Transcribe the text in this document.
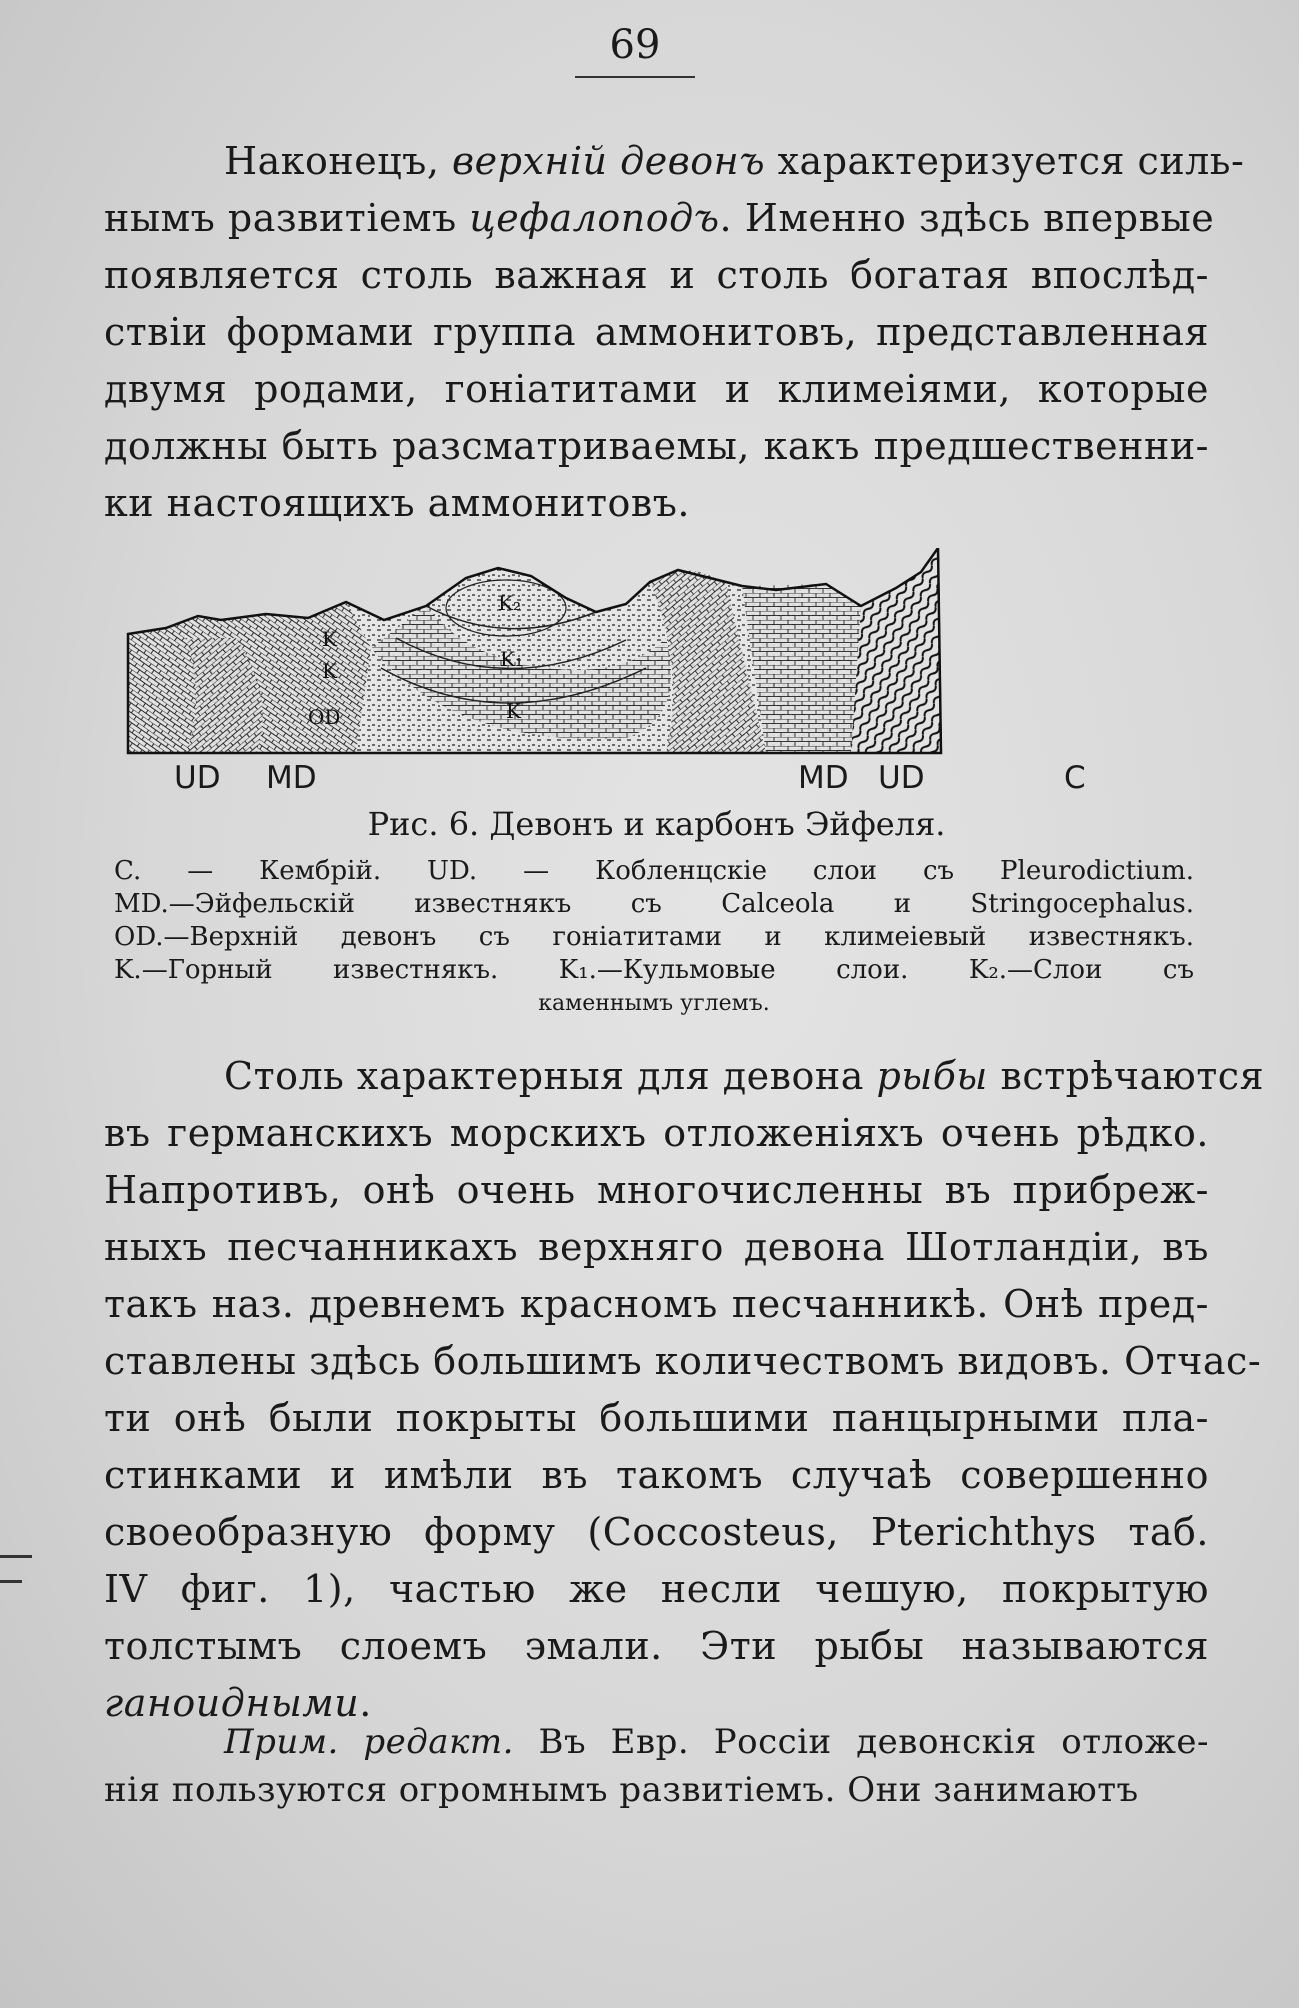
69
Наконецъ, верхній девонъ характеризуется силь-
нымъ развитіемъ цефалоподъ. Именно здѣсь впервые
появляется столь важная и столь богатая впослѣд-
ствіи формами группа аммонитовъ, представленная
двумя родами, гоніатитами и климеіями, которые
должны быть разсматриваемы, какъ предшественни-
ки настоящихъ аммонитовъ.
K₂
K₁
K
K
K
OD
UD MD	MD UD	C
Рис. 6. Девонъ и карбонъ Эйфеля.
C. — Кембрій. UD. — Кобленцскіе слои съ Pleurodictium.
MD.—Эйфельскій известнякъ съ Calceola и Stringocephalus.
OD.—Верхній девонъ съ гоніатитами и климеіевый известнякъ.
K.—Горный известнякъ. K₁.—Кульмовые слои. K₂.—Слои съ
каменнымъ углемъ.
Столь характерныя для девона рыбы встрѣчаются
въ германскихъ морскихъ отложеніяхъ очень рѣдко.
Напротивъ, онѣ очень многочисленны въ прибреж-
ныхъ песчанникахъ верхняго девона Шотландіи, въ
такъ наз. древнемъ красномъ песчанникѣ. Онѣ пред-
ставлены здѣсь большимъ количествомъ видовъ. Отчас-
ти онѣ были покрыты большими панцырными пла-
стинками и имѣли въ такомъ случаѣ совершенно
своеобразную форму (Coccosteus, Pterichthys таб.
IV фиг. 1), частью же несли чешую, покрытую
толстымъ слоемъ эмали. Эти рыбы называются
ганоидными.
Прим. редакт. Въ Евр. Россіи девонскія отложе-
нія пользуются огромнымъ развитіемъ. Они занимаютъ
